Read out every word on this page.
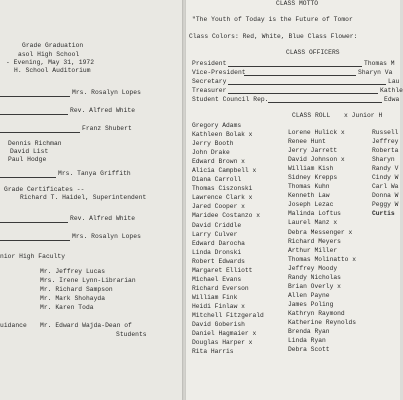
Grade Graduation
asol High School
- Evening, May 31, 1972
H. School Auditorium
Mrs. Rosalyn Lopes
Rev. Alfred White
Franz Shubert
Dennis Richman
David List
Paul Hodge
Mrs. Tanya Griffith
Grade Certificates --
Richard T. Haidel, Superintendent
Rev. Alfred White
Mrs. Rosalyn Lopes
nior High Faculty
Mr. Jeffrey Lucas
Mrs. Irene Lynn-Librarian
Mr. Richard Sampson
Mr. Mark Shohayda
Mr. Karen Toda
uidance Mr. Edward Wajda-Dean of
Students
CLASS MOTTO
"The Youth of Today is the Future of Tomor
Class Colors: Red, White, Blue Class Flower:
CLASS OFFICERS
President	Thomas M
Vice-President	Sharyn Va
Secretary	Lau
Treasurer	Kathle
Student Council Rep.	Edwa
CLASS ROLL x Junior H
Gregory Adams
Kathleen Bolak x
Jerry Booth
John Drake
Edward Brown x
Alicia Campbell x
Diana Carroll
Thomas Ciszonski
Lawrence Clark x
Jared Cooper x
Maridee Costanzo x
David Criddle
Larry Culver
Edward Darocha
Linda Dronski
Robert Edwards
Margaret Elliott
Michael Evans
Richard Everson
William Fink
Heidi Finlaw x
Mitchell Fitzgerald
David Goberish
Daniel Hagmaier x
Douglas Harper x
Rita Harris
Lorene Hulick x
Renee Hunt
Jerry Jarrett
David Johnson x
William Kish
Sidney Krepps
Thomas Kuhn
Kenneth Law
Joseph Lezac
Malinda Loftus
Laurel Manz x
Debra Messenger x
Richard Meyers
Arthur Miller
Thomas Molinatto x
Jeffrey Moody
Randy Nicholas
Brian Overly x
Allen Payne
James Poling
Kathryn Raymond
Katherine Reynolds
Brenda Ryan
Linda Ryan
Debra Scott
Russell
Jeffrey
Roberta
Sharyn
Randy V
Cindy W
Carl Wa
Donna W
Peggy W
Curtis
